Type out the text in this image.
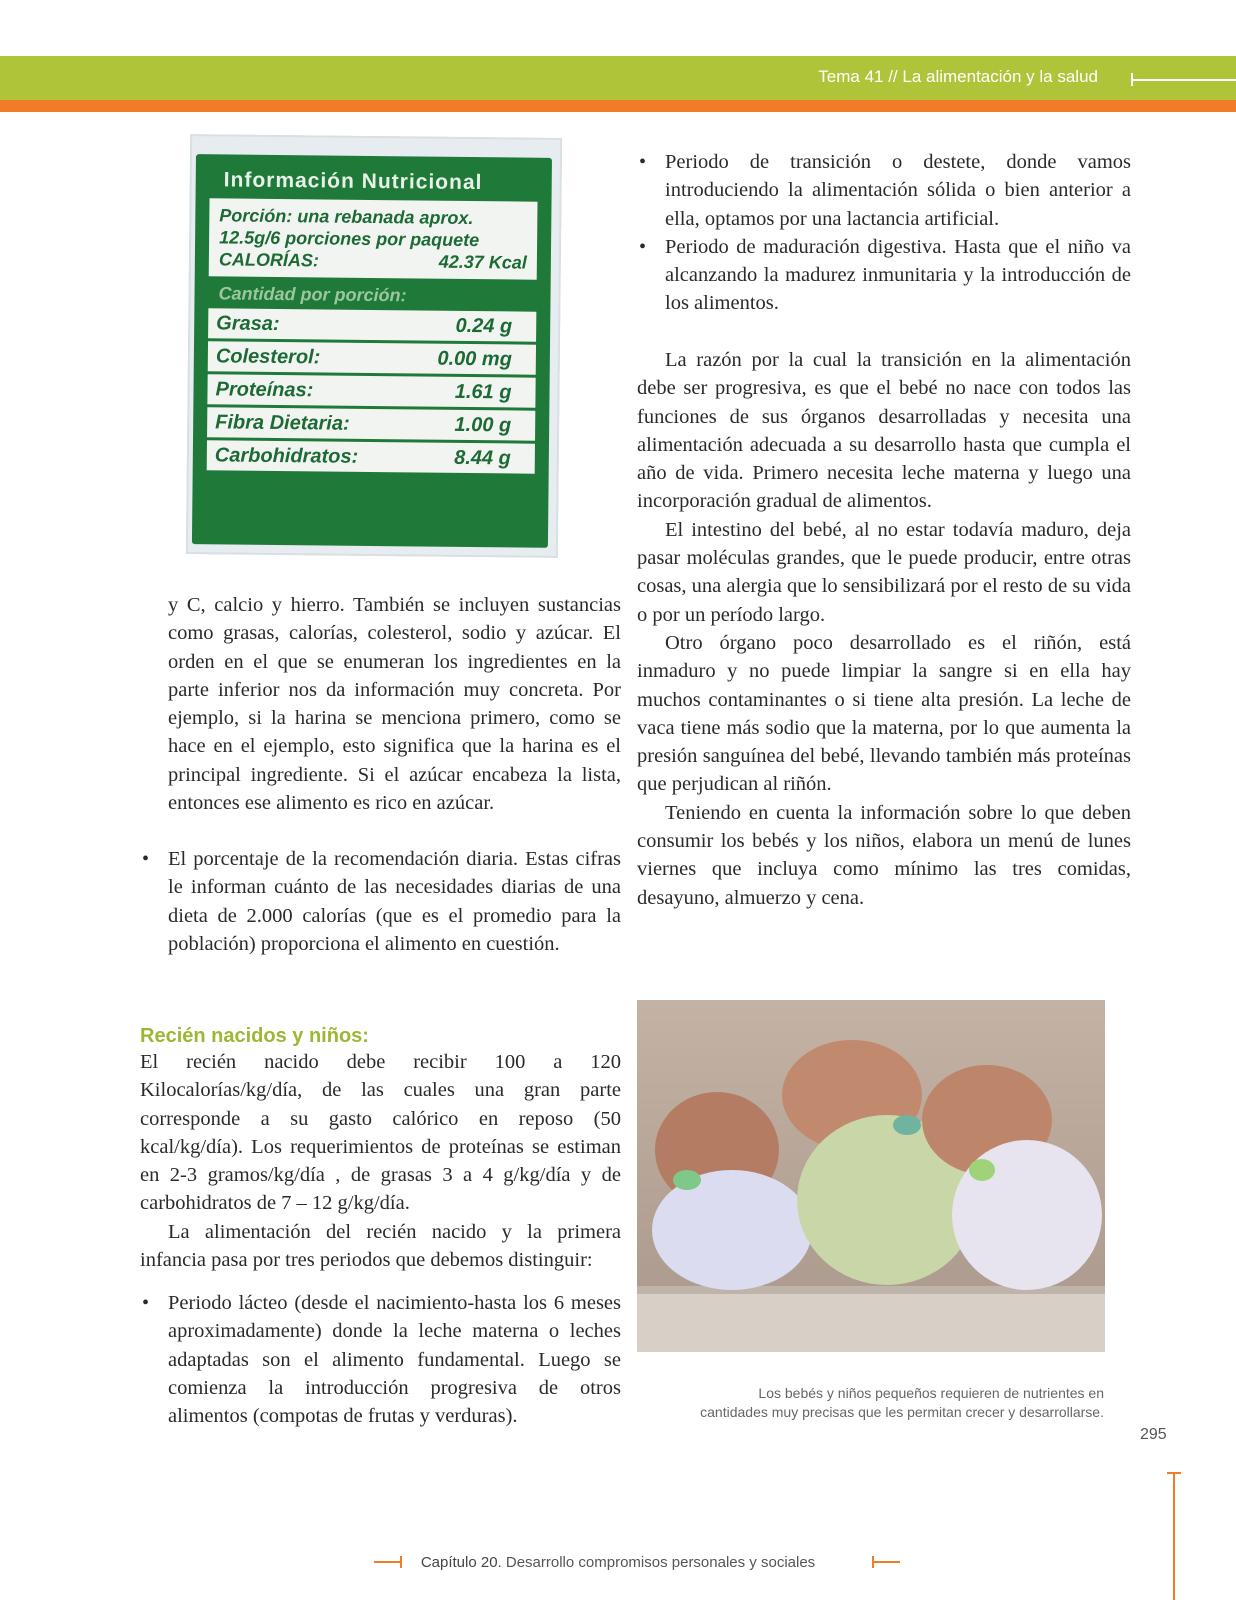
Tema 41 // La alimentación y la salud
Información Nutricional
Porción: una rebanada aprox.
12.5g/6 porciones por paquete
CALORÍAS:	42.37 Kcal
Cantidad por porción:
Grasa:	0.24 g
Colesterol:	0.00 mg
Proteínas:	1.61 g
Fibra Dietaria:	1.00 g
Carbohidratos:	8.44 g
y C, calcio y hierro. También se incluyen sustancias como grasas, calorías, colesterol, sodio y azúcar. El orden en el que se enumeran los ingredientes en la parte inferior nos da información muy concreta. Por ejemplo, si la harina se menciona primero, como se hace en el ejemplo, esto significa que la harina es el principal ingrediente. Si el azúcar encabeza la lista, entonces ese alimento es rico en azúcar.
• El porcentaje de la recomendación diaria. Estas cifras le informan cuánto de las necesidades diarias de una dieta de 2.000 calorías (que es el promedio para la población) proporciona el alimento en cuestión.
Recién nacidos y niños:

El recién nacido debe recibir 100 a 120 Kilocalorías/kg/día, de las cuales una gran parte corresponde a su gasto calórico en reposo (50 kcal/kg/día). Los requerimientos de proteínas se estiman en 2-3 gramos/kg/día , de grasas 3 a 4 g/kg/día y de carbohidratos de 7 – 12 g/kg/día.

La alimentación del recién nacido y la primera infancia pasa por tres periodos que debemos distinguir:

• Periodo lácteo (desde el nacimiento-hasta los 6 meses aproximadamente) donde la leche materna o leches adaptadas son el alimento fundamental. Luego se comienza la introducción progresiva de otros alimentos (compotas de frutas y verduras).
• Periodo de transición o destete, donde vamos introduciendo la alimentación sólida o bien anterior a ella, optamos por una lactancia artificial.
• Periodo de maduración digestiva. Hasta que el niño va alcanzando la madurez inmunitaria y la introducción de los alimentos.

La razón por la cual la transición en la alimentación debe ser progresiva, es que el bebé no nace con todos las funciones de sus órganos desarrolladas y necesita una alimentación adecuada a su desarrollo hasta que cumpla el año de vida. Primero necesita leche materna y luego una incorporación gradual de alimentos.

El intestino del bebé, al no estar todavía maduro, deja pasar moléculas grandes, que le puede producir, entre otras cosas, una alergia que lo sensibilizará por el resto de su vida o por un período largo.

Otro órgano poco desarrollado es el riñón, está inmaduro y no puede limpiar la sangre si en ella hay muchos contaminantes o si tiene alta presión. La leche de vaca tiene más sodio que la materna, por lo que aumenta la presión sanguínea del bebé, llevando también más proteínas que perjudican al riñón.

Teniendo en cuenta la información sobre lo que deben consumir los bebés y los niños, elabora un menú de lunes viernes que incluya como mínimo las tres comidas, desayuno, almuerzo y cena.

Los bebés y niños pequeños requieren de nutrientes en cantidades muy precisas que les permitan crecer y desarrollarse.
295
Capítulo 20. Desarrollo compromisos personales y sociales
